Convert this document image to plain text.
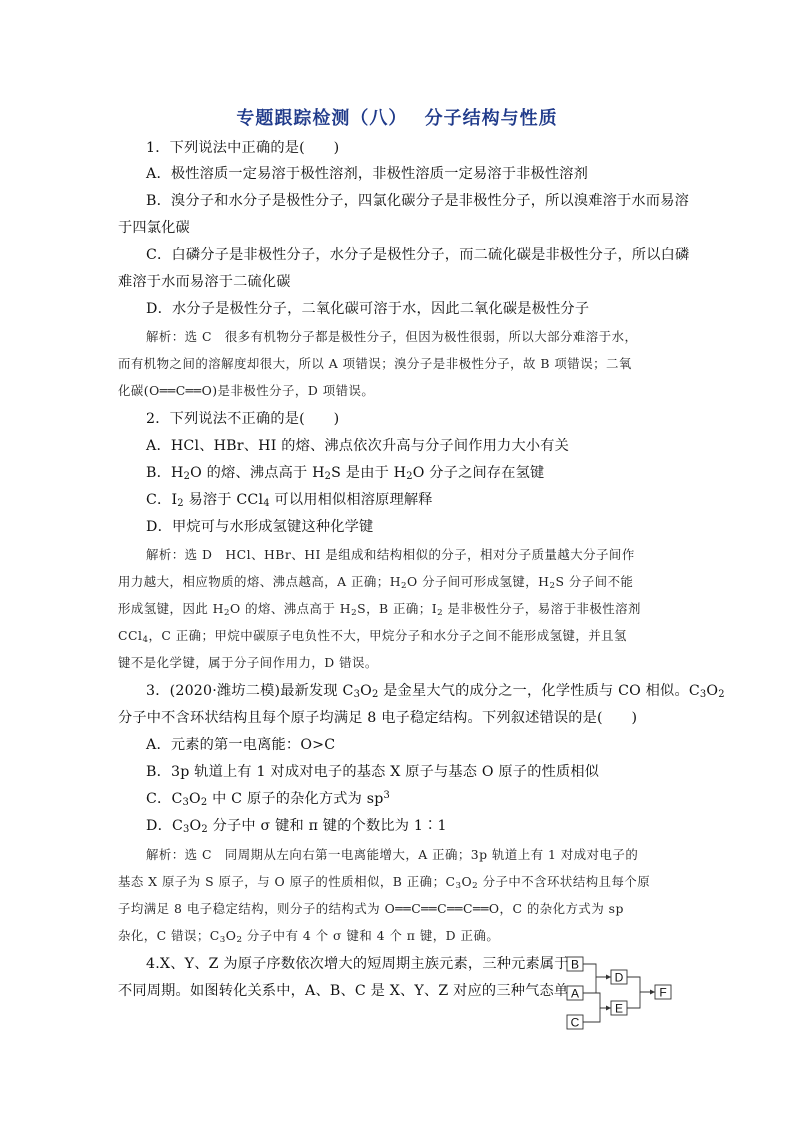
专题跟踪检测（八）　 分子结构与性质
1．下列说法中正确的是(　　)
A．极性溶质一定易溶于极性溶剂，非极性溶质一定易溶于非极性溶剂
B．溴分子和水分子是极性分子，四氯化碳分子是非极性分子，所以溴难溶于水而易溶
于四氯化碳
C．白磷分子是非极性分子，水分子是极性分子，而二硫化碳是非极性分子，所以白磷
难溶于水而易溶于二硫化碳
D．水分子是极性分子，二氧化碳可溶于水，因此二氧化碳是极性分子
解析：选 C　很多有机物分子都是极性分子，但因为极性很弱，所以大部分难溶于水，
而有机物之间的溶解度却很大，所以 A 项错误；溴分子是非极性分子，故 B 项错误；二氧
化碳(O══C══O)是非极性分子，D 项错误。
2．下列说法不正确的是(　　)
A．HCl、HBr、HI 的熔、沸点依次升高与分子间作用力大小有关
B．$H_2O$ 的熔、沸点高于 $H_2S$ 是由于 $H_2O$ 分子之间存在氢键
C．$I_2$ 易溶于 CCl$_4$ 可以用相似相溶原理解释
D．甲烷可与水形成氢键这种化学键
解析：选 D　HCl、HBr、HI 是组成和结构相似的分子，相对分子质量越大分子间作
用力越大，相应物质的熔、沸点越高，A 正确；$H_2O$ 分子间可形成氢键，$H_2S$ 分子间不能
形成氢键，因此 $H_2O$ 的熔、沸点高于 $H_2S$，B 正确；$I_2$ 是非极性分子，易溶于非极性溶剂
CCl$_4$，C 正确；甲烷中碳原子电负性不大，甲烷分子和水分子之间不能形成氢键，并且氢
键不是化学键，属于分子间作用力，D 错误。
3．(2020·潍坊二模)最新发现 $C_3O_2$ 是金星大气的成分之一，化学性质与 CO 相似。$C_3O_2$
分子中不含环状结构且每个原子均满足 8 电子稳定结构。下列叙述错误的是(　　)
A．元素的第一电离能：O>C
B．3p 轨道上有 1 对成对电子的基态 X 原子与基态 O 原子的性质相似
C．$C_3O_2$ 中 C 原子的杂化方式为 $sp^3$
D．$C_3O_2$ 分子中 σ 键和 π 键的个数比为 1∶1
解析：选 C　同周期从左向右第一电离能增大，A 正确；3p 轨道上有 1 对成对电子的
基态 X 原子为 S 原子，与 O 原子的性质相似，B 正确；$C_3O_2$ 分子中不含环状结构且每个原
子均满足 8 电子稳定结构，则分子的结构式为 O══C══C══C══O，C 的杂化方式为 sp
杂化，C 错误；$C_3O_2$ 分子中有 4 个 σ 键和 4 个 π 键，D 正确。
4.X、Y、Z 为原子序数依次增大的短周期主族元素，三种元素属于
不同周期。如图转化关系中，A、B、C 是 X、Y、Z 对应的三种气态单
B
A
C
D
E
F
